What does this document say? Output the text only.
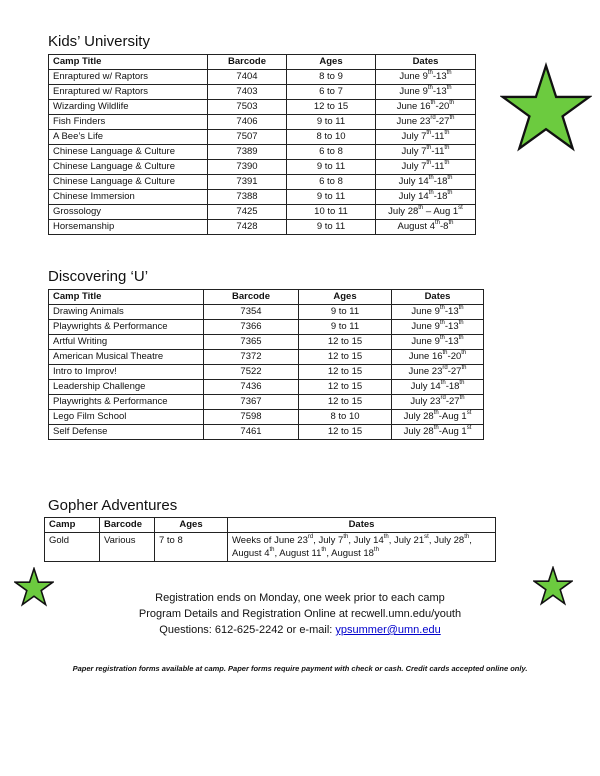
Kids’ University
Camp Title	Barcode	Ages	Dates
Enraptured w/ Raptors	7404	8 to 9	June 9th-13th
Enraptured w/ Raptors	7403	6 to 7	June 9th-13th
Wizarding Wildlife	7503	12 to 15	June 16th-20th
Fish Finders	7406	9 to 11	June 23rd-27th
A Bee’s Life	7507	8 to 10	July 7th-11th
Chinese Language & Culture	7389	6 to 8	July 7th-11th
Chinese Language & Culture	7390	9 to 11	July 7th-11th
Chinese Language & Culture	7391	6 to 8	July 14th-18th
Chinese Immersion	7388	9 to 11	July 14th-18th
Grossology	7425	10 to 11	July 28th – Aug 1st
Horsemanship	7428	9 to 11	August 4th-8th
Discovering ‘U’
Camp Title	Barcode	Ages	Dates
Drawing Animals	7354	9 to 11	June 9th-13th
Playwrights & Performance	7366	9 to 11	June 9th-13th
Artful Writing	7365	12 to 15	June 9th-13th
American Musical Theatre	7372	12 to 15	June 16th-20th
Intro to Improv!	7522	12 to 15	June 23rd-27th
Leadership Challenge	7436	12 to 15	July 14th-18th
Playwrights & Performance	7367	12 to 15	July 23rd-27th
Lego Film School	7598	8 to 10	July 28th-Aug 1st
Self Defense	7461	12 to 15	July 28th-Aug 1st
Gopher Adventures
Camp	Barcode	Ages	Dates
Gold	Various	7 to 8	Weeks of June 23rd, July 7th, July 14th, July 21st, July 28th, August 4th, August 11th, August 18th
Registration ends on Monday, one week prior to each camp
Program Details and Registration Online at recwell.umn.edu/youth
Questions: 612-625-2242 or e-mail: ypsummer@umn.edu
Paper registration forms available at camp. Paper forms require payment with check or cash. Credit cards accepted online only.
